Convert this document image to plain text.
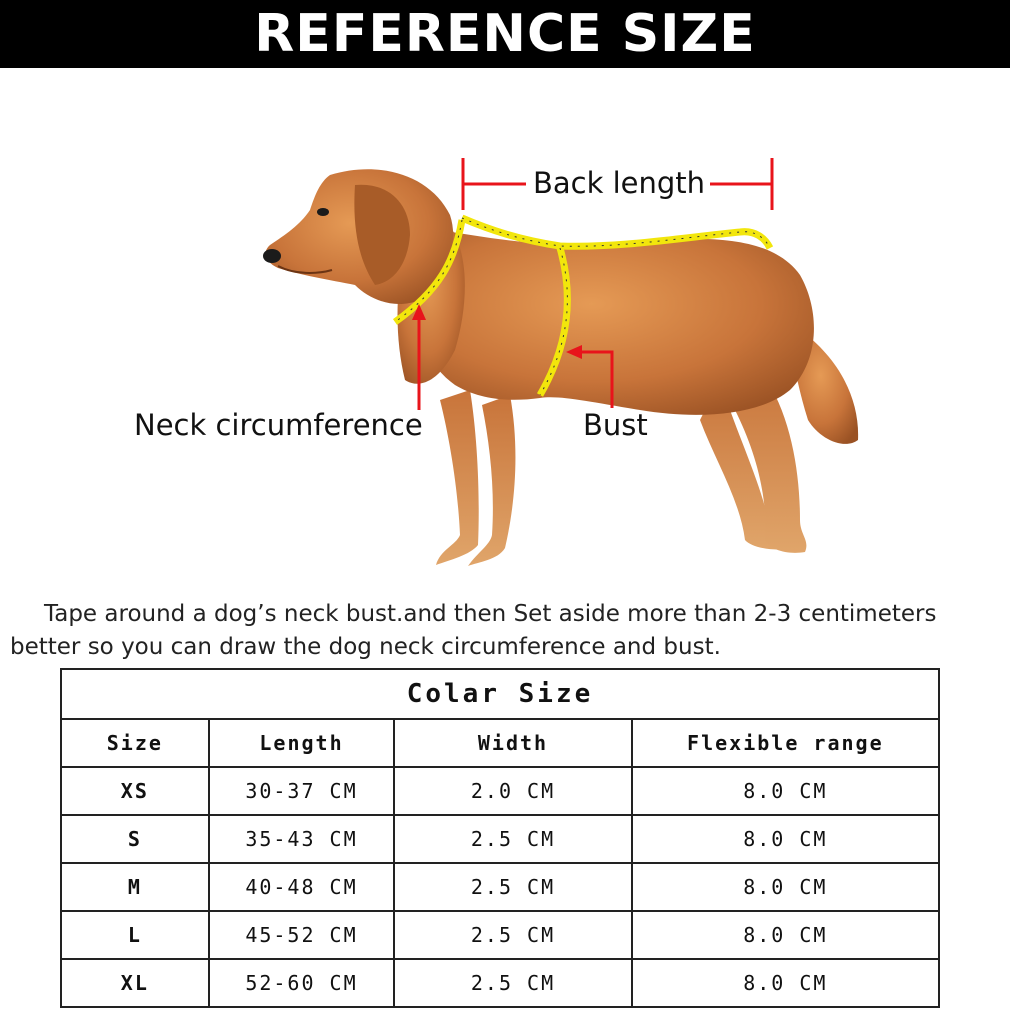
REFERENCE SIZE
Back length
Neck circumference	Bust
Tape around a dog’s neck bust.and then Set aside more than 2-3 centimeters
better so you can draw the dog neck circumference and bust.
Colar Size			
Size	Length	Width	Flexible range
XS	30-37 CM	2.0 CM	8.0 CM
S	35-43 CM	2.5 CM	8.0 CM
M	40-48 CM	2.5 CM	8.0 CM
L	45-52 CM	2.5 CM	8.0 CM
XL	52-60 CM	2.5 CM	8.0 CM
